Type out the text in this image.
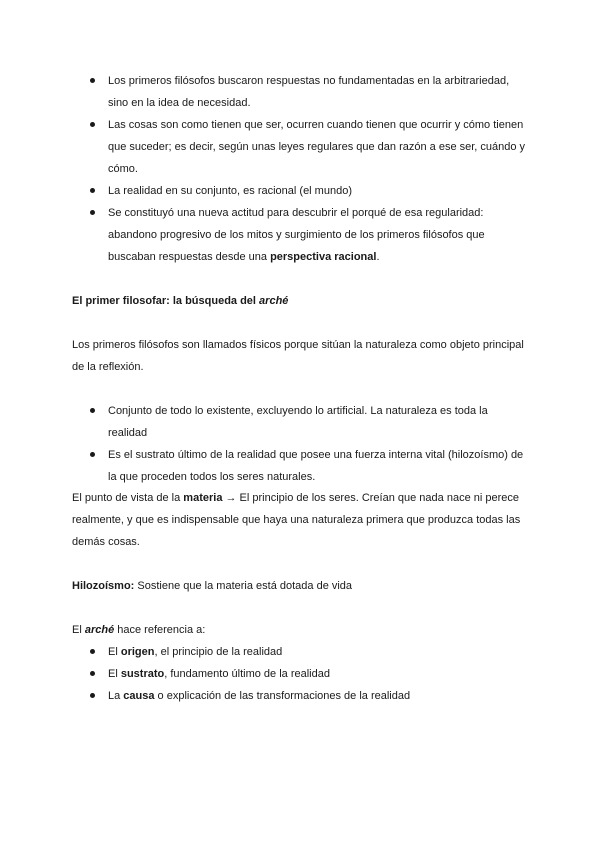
Los primeros filósofos buscaron respuestas no fundamentadas en la arbitrariedad, sino en la idea de necesidad.
Las cosas son como tienen que ser, ocurren cuando tienen que ocurrir y cómo tienen que suceder; es decir, según unas leyes regulares que dan razón a ese ser, cuándo y cómo.
La realidad en su conjunto, es racional (el mundo)
Se constituyó una nueva actitud para descubrir el porqué de esa regularidad: abandono progresivo de los mitos y surgimiento de los primeros filósofos que buscaban respuestas desde una perspectiva racional.

El primer filosofar: la búsqueda del arché

Los primeros filósofos son llamados físicos porque sitúan la naturaleza como objeto principal de la reflexión.

Conjunto de todo lo existente, excluyendo lo artificial. La naturaleza es toda la realidad
Es el sustrato último de la realidad que posee una fuerza interna vital (hilozoísmo) de la que proceden todos los seres naturales.

El punto de vista de la materia → El principio de los seres. Creían que nada nace ni perece realmente, y que es indispensable que haya una naturaleza primera que produzca todas las demás cosas.

Hilozoísmo: Sostiene que la materia está dotada de vida

El arché hace referencia a:

El origen, el principio de la realidad
El sustrato, fundamento último de la realidad
La causa o explicación de las transformaciones de la realidad
